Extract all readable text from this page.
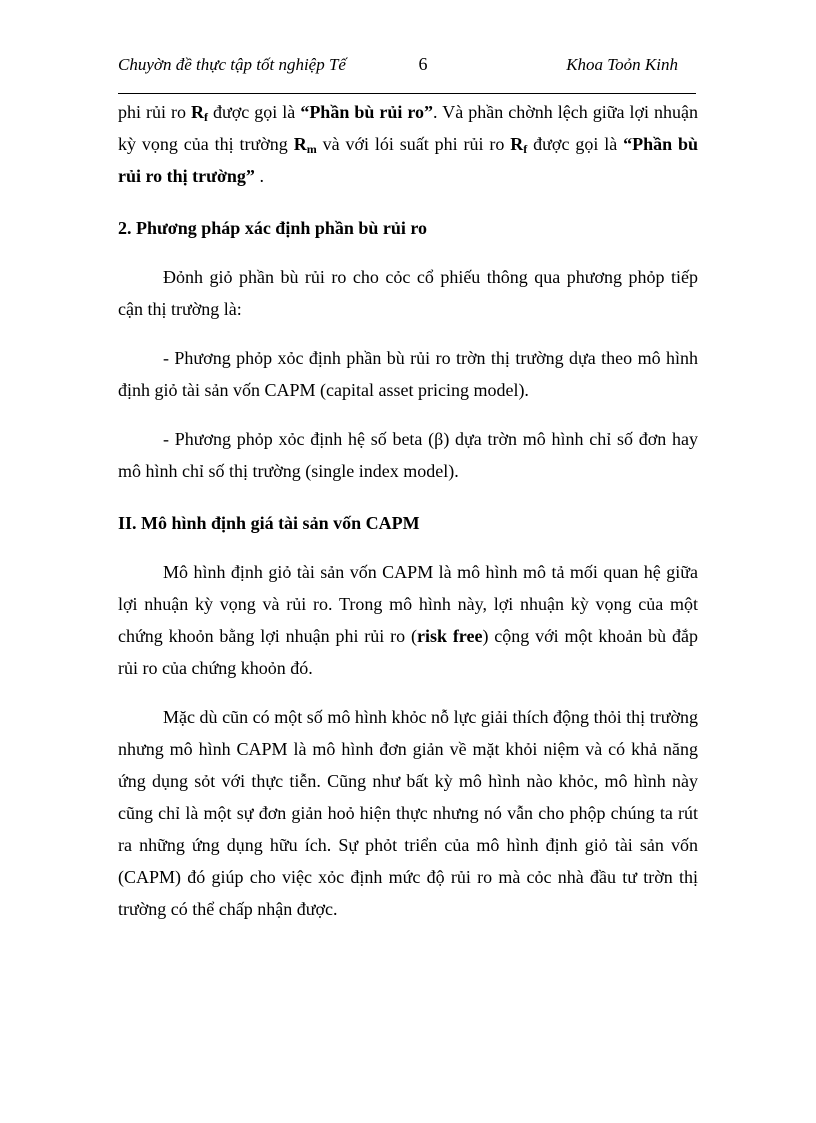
Chuyờn đề thực tập tốt nghiệp Tế	6	Khoa Toỏn Kinh

phi rủi ro $R_f$ được gọi là “Phần bù rủi ro”. Và phần chờnh lệch giữa lợi nhuận kỳ vọng của thị trường $R_m$ và với lói suất phi rủi ro $R_f$ được gọi là “Phần bù rủi ro thị trường” .

2. Phương pháp xác định phần bù rủi ro

Đỏnh giỏ phần bù rủi ro cho cỏc cổ phiếu thông qua phương phỏp tiếp cận thị trường là:

- Phương phỏp xỏc định phần bù rủi ro trờn thị trường dựa theo mô hình định giỏ tài sản vốn CAPM (capital asset pricing model).

- Phương phỏp xỏc định hệ số beta (β) dựa trờn mô hình chỉ số đơn hay mô hình chỉ số thị trường (single index model).

II. Mô hình định giá tài sản vốn CAPM

Mô hình định giỏ tài sản vốn CAPM là mô hình mô tả mối quan hệ giữa lợi nhuận kỳ vọng và rủi ro. Trong mô hình này, lợi nhuận kỳ vọng của một chứng khoỏn bằng lợi nhuận phi rủi ro (risk free) cộng với một khoản bù đắp rủi ro của chứng khoỏn đó.

Mặc dù cũn có một số mô hình khỏc nỗ lực giải thích động thỏi thị trường nhưng mô hình CAPM là mô hình đơn giản về mặt khỏi niệm và có khả năng ứng dụng sỏt với thực tiễn. Cũng như bất kỳ mô hình nào khỏc, mô hình này cũng chỉ là một sự đơn giản hoỏ hiện thực nhưng nó vẫn cho phộp chúng ta rút ra những ứng dụng hữu ích. Sự phỏt triển của mô hình định giỏ tài sản vốn (CAPM) đó giúp cho việc xỏc định mức độ rủi ro mà cỏc nhà đầu tư trờn thị trường có thể chấp nhận được.
